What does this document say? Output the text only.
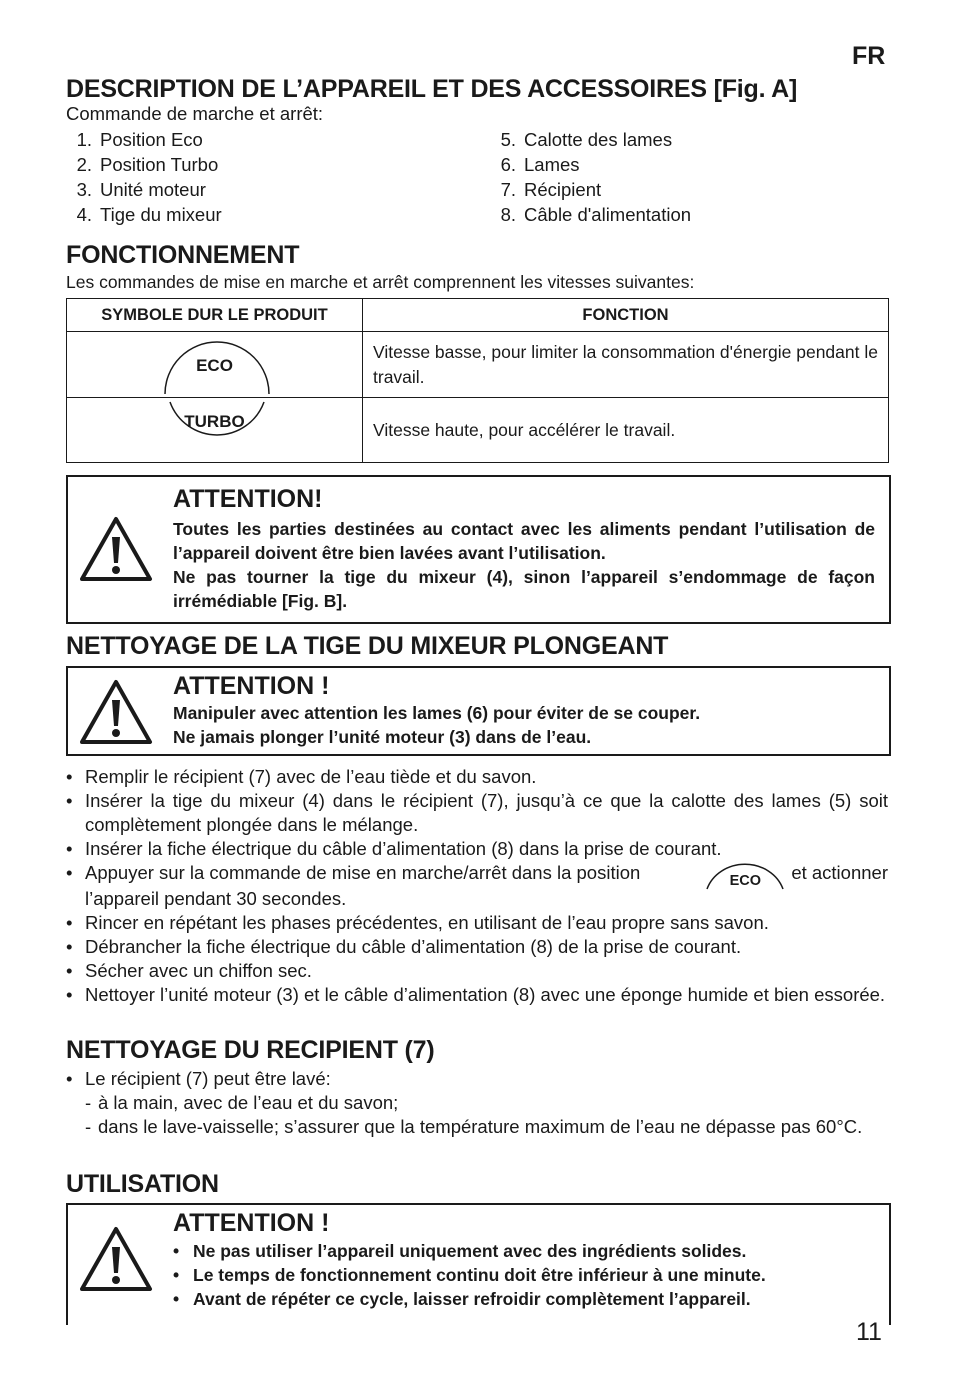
FR
DESCRIPTION DE L’APPAREIL ET DES ACCESSOIRES [Fig. A]
Commande de marche et arrêt:
1. Position Eco
2. Position Turbo
3. Unité moteur
4. Tige du mixeur
5. Calotte des lames
6. Lames
7. Récipient
8. Câble d'alimentation
FONCTIONNEMENT
Les commandes de mise en marche et arrêt comprennent les vitesses suivantes:
SYMBOLE DUR LE PRODUIT	FONCTION

ECO	Vitesse basse, pour limiter la consommation d'énergie pendant le travail.

TURBO	Vitesse haute, pour accélérer le travail.
ATTENTION!
Toutes les parties destinées au contact avec les aliments pendant l’utilisation de l’appareil doivent être bien lavées avant l’utilisation.
Ne pas tourner la tige du mixeur (4), sinon l’appareil s’endommage de façon irrémédiable [Fig. B].
NETTOYAGE DE LA TIGE DU MIXEUR PLONGEANT
ATTENTION !
Manipuler avec attention les lames (6) pour éviter de se couper.
Ne jamais plonger l’unité moteur (3) dans de l’eau.
• Remplir le récipient (7) avec de l’eau tiède et du savon.
• Insérer la tige du mixeur (4) dans le récipient (7), jusqu’à ce que la calotte des lames (5) soit complètement plongée dans le mélange.
• Insérer la fiche électrique du câble d’alimentation (8) dans la prise de courant.
• Appuyer sur la commande de mise en marche/arrêt dans la position	ECO	et actionner
l’appareil pendant 30 secondes.
• Rincer en répétant les phases précédentes, en utilisant de l’eau propre sans savon.
• Débrancher la fiche électrique du câble d’alimentation (8) de la prise de courant.
• Sécher avec un chiffon sec.
• Nettoyer l’unité moteur (3) et le câble d’alimentation (8) avec une éponge humide et bien essorée.
NETTOYAGE DU RECIPIENT (7)
• Le récipient (7) peut être lavé:
- à la main, avec de l’eau et du savon;
- dans le lave-vaisselle; s’assurer que la température maximum de l’eau ne dépasse pas 60°C.
UTILISATION
ATTENTION !
• Ne pas utiliser l’appareil uniquement avec des ingrédients solides.
• Le temps de fonctionnement continu doit être inférieur à une minute.
• Avant de répéter ce cycle, laisser refroidir complètement l’appareil.
11
